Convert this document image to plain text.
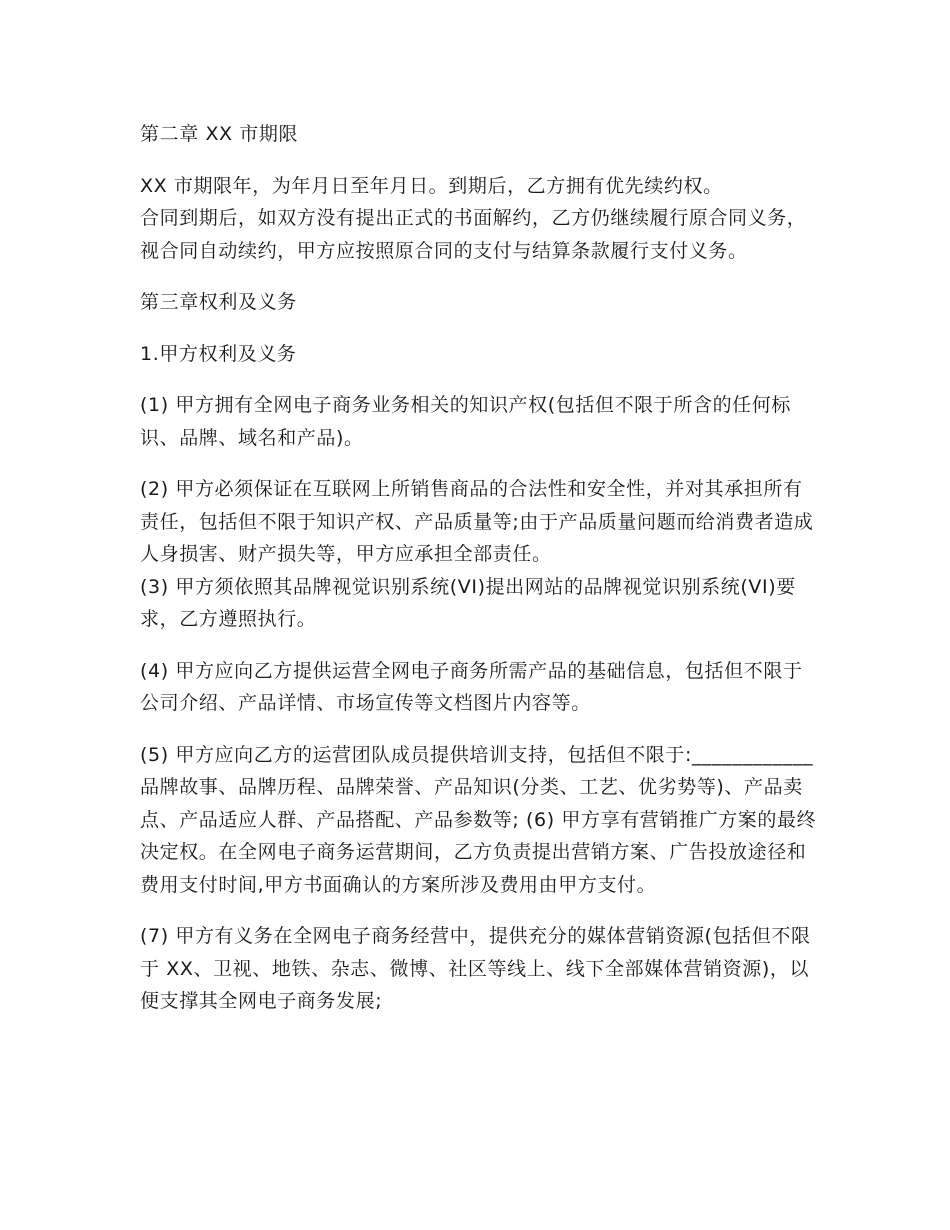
第二章 XX 市期限

XX 市期限年，为年月日至年月日。到期后，乙方拥有优先续约权。

合同到期后，如双方没有提出正式的书面解约，乙方仍继续履行原合同义务，视合同自动续约，甲方应按照原合同的支付与结算条款履行支付义务。

第三章权利及义务

1.甲方权利及义务

(1) 甲方拥有全网电子商务业务相关的知识产权(包括但不限于所含的任何标识、品牌、域名和产品)。

(2) 甲方必须保证在互联网上所销售商品的合法性和安全性，并对其承担所有责任，包括但不限于知识产权、产品质量等;由于产品质量问题而给消费者造成人身损害、财产损失等，甲方应承担全部责任。

(3) 甲方须依照其品牌视觉识别系统(VI)提出网站的品牌视觉识别系统(VI)要求，乙方遵照执行。

(4) 甲方应向乙方提供运营全网电子商务所需产品的基础信息，包括但不限于公司介绍、产品详情、市场宣传等文档图片内容等。

(5) 甲方应向乙方的运营团队成员提供培训支持，包括但不限于:____________品牌故事、品牌历程、品牌荣誉、产品知识(分类、工艺、优劣势等)、产品卖点、产品适应人群、产品搭配、产品参数等; (6) 甲方享有营销推广方案的最终决定权。在全网电子商务运营期间，乙方负责提出营销方案、广告投放途径和费用支付时间,甲方书面确认的方案所涉及费用由甲方支付。

(7) 甲方有义务在全网电子商务经营中，提供充分的媒体营销资源(包括但不限于 XX、卫视、地铁、杂志、微博、社区等线上、线下全部媒体营销资源)，以便支撑其全网电子商务发展;
